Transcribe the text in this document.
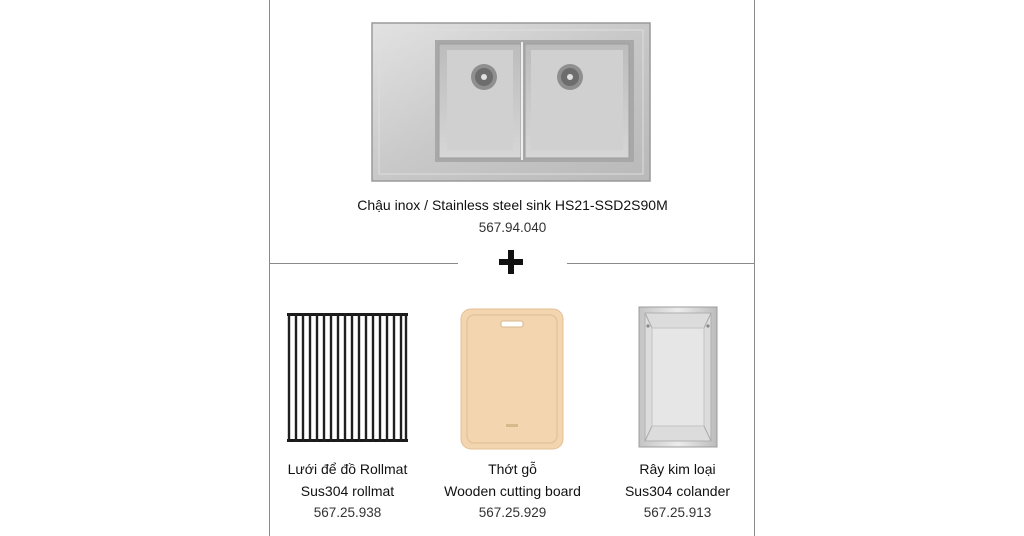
Chậu inox / Stainless steel sink HS21-SSD2S90M
567.94.040
Lưới để đồ Rollmat
Sus304 rollmat
567.25.938
Thớt gỗ
Wooden cutting board
567.25.929
Rây kim loại
Sus304 colander
567.25.913
